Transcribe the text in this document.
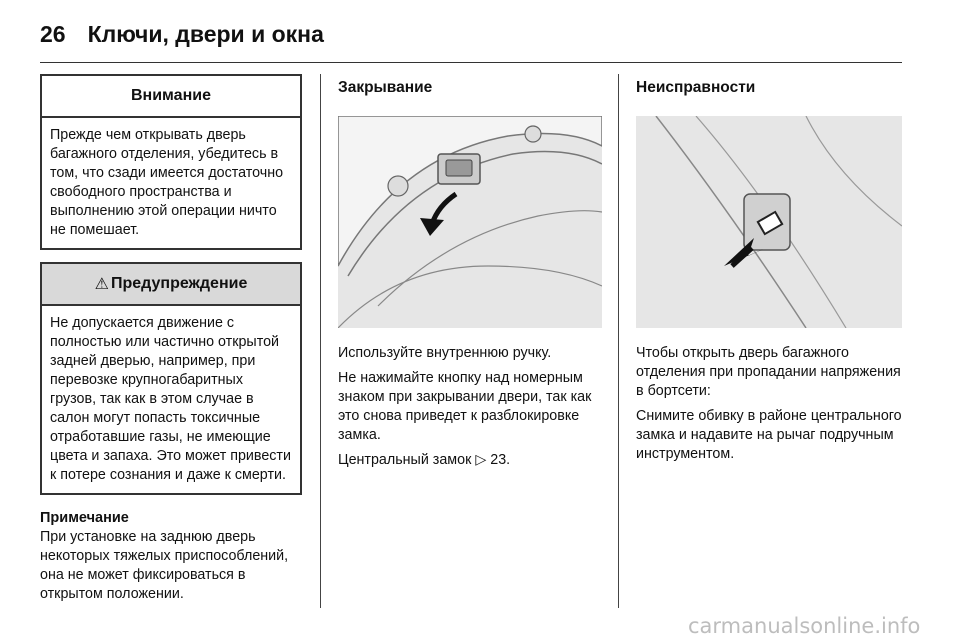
26 Ключи, двери и окна
Внимание
Прежде чем открывать дверь багажного отделения, убедитесь в том, что сзади имеется достаточно свободного пространства и выполнению этой операции ничто не помешает.
⚠ Предупреждение
Не допускается движение с полностью или частично открытой задней дверью, например, при перевозке крупногабаритных грузов, так как в этом случае в салон могут попасть токсичные отработавшие газы, не имеющие цвета и запаха. Это может привести к потере сознания и даже к смерти.
Примечание
При установке на заднюю дверь некоторых тяжелых приспособлений, она не может фиксироваться в открытом положении.
Закрывание

Используйте внутреннюю ручку.

Не нажимайте кнопку над номерным знаком при закрывании двери, так как это снова приведет к разблокировке замка.

Центральный замок ▷ 23.

Неисправности

Чтобы открыть дверь багажного отделения при пропадании напряжения в бортсети:

Снимите обивку в районе центрального замка и надавите на рычаг подручным инструментом.

carmanualsonline.info
